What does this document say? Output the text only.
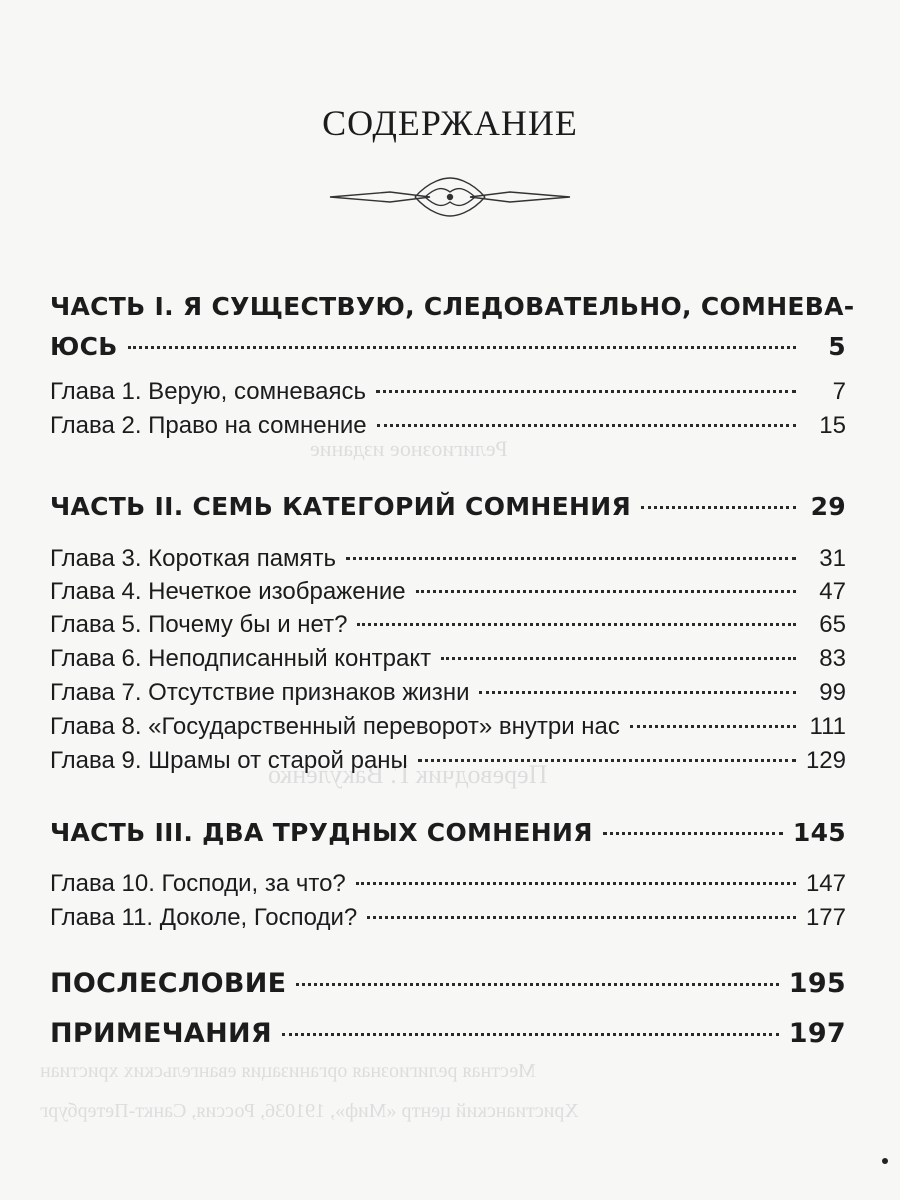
СОДЕРЖАНИЕ
Религиозное издание
Переводчик Г. Вакуленко
Местная религиозная организация евангельских христиан
Христианский центр «Миф», 191036, Россия, Санкт-Петербург
ЧАСТЬ I. Я СУЩЕСТВУЮ, СЛЕДОВАТЕЛЬНО, СОМНЕВА-
ЮСЬ	5
Глава 1. Верую, сомневаясь	7
Глава 2. Право на сомнение	15
ЧАСТЬ II. СЕМЬ КАТЕГОРИЙ СОМНЕНИЯ	29
Глава 3. Короткая память	31
Глава 4. Нечеткое изображение	47
Глава 5. Почему бы и нет?	65
Глава 6. Неподписанный контракт	83
Глава 7. Отсутствие признаков жизни	99
Глава 8. «Государственный переворот» внутри нас	111
Глава 9. Шрамы от старой раны	129
ЧАСТЬ III. ДВА ТРУДНЫХ СОМНЕНИЯ	145
Глава 10. Господи, за что?	147
Глава 11. Доколе, Господи?	177
ПОСЛЕСЛОВИЕ	195
ПРИМЕЧАНИЯ	197
